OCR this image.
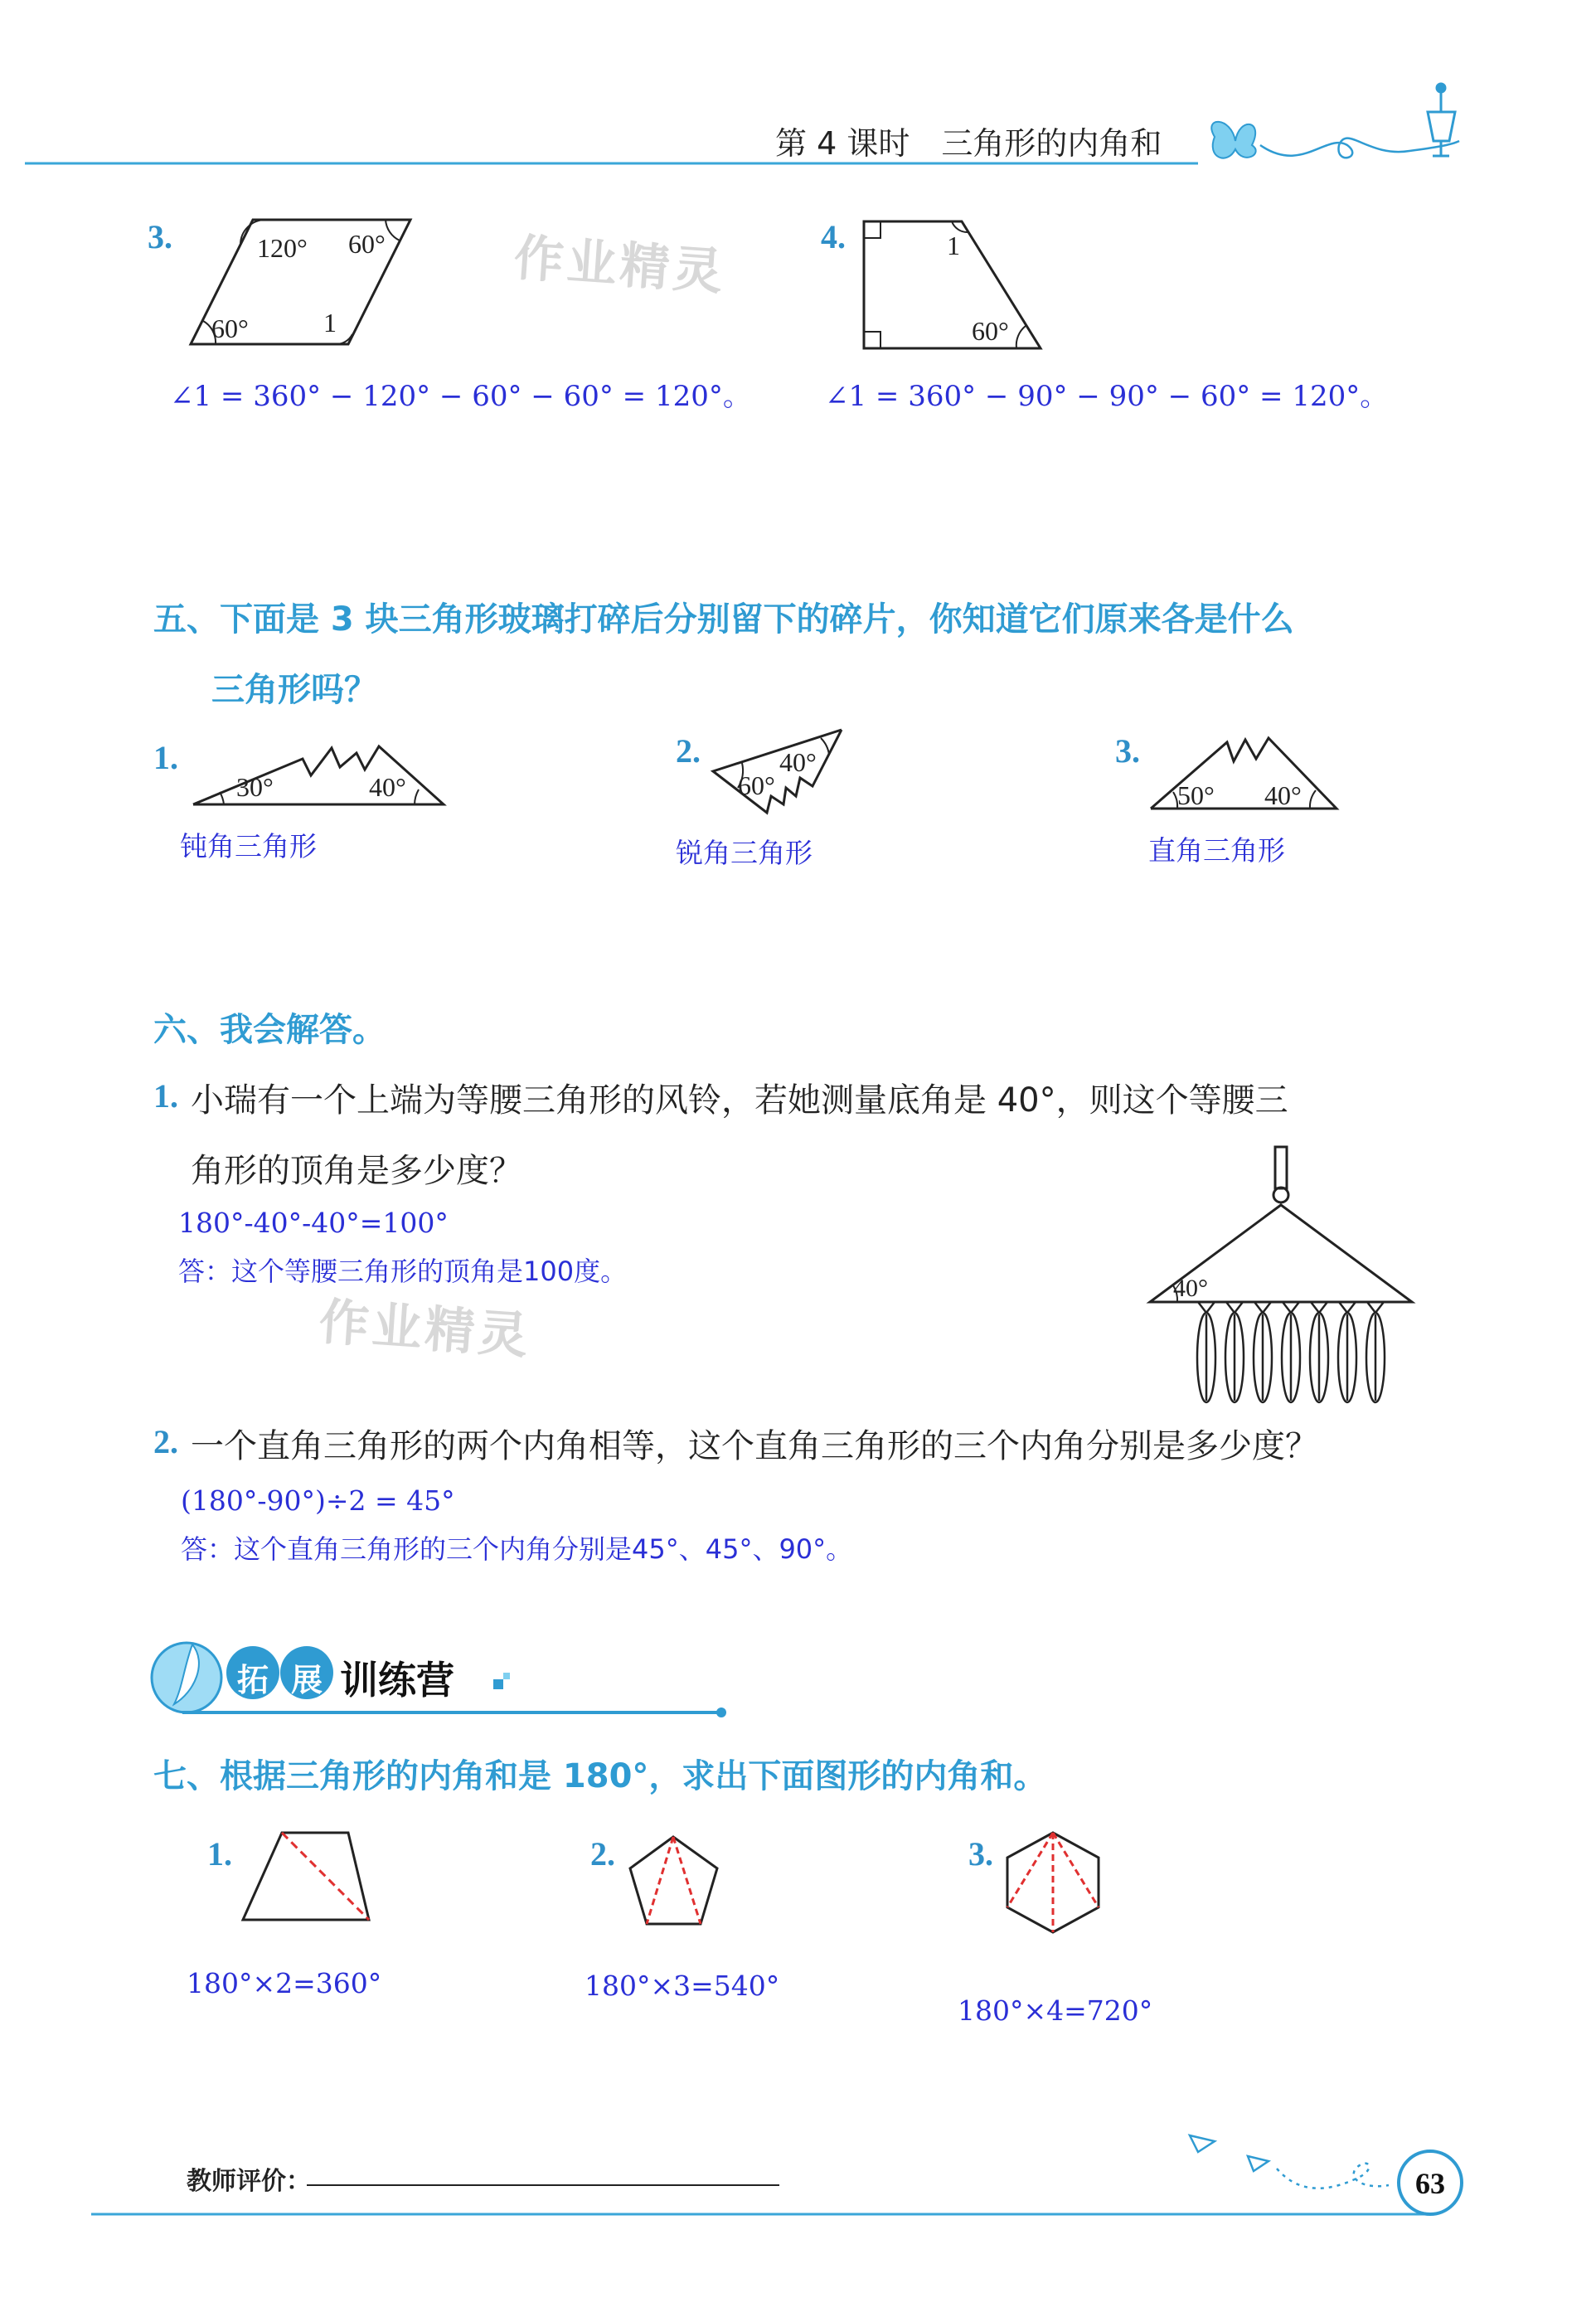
第 4 课时　三角形的内角和
3.	120° 60°
60°	1
作业精灵
∠1 = 360° − 120° − 60° − 60° = 120°。
4.	1
60°
∠1 = 360° − 90° − 90° − 60° = 120°。
五、下面是 3 块三角形玻璃打碎后分别留下的碎片，你知道它们原来各是什么
三角形吗？
1.
30°	40°
钝角三角形
2.
60°
40°
锐角三角形
3.
50° 40°
直角三角形
六、我会解答。
1. 小瑞有一个上端为等腰三角形的风铃，若她测量底角是 40°，则这个等腰三
角形的顶角是多少度？
180°-40°-40°=100°
答：这个等腰三角形的顶角是100度。
作业精灵
40°
2. 一个直角三角形的两个内角相等，这个直角三角形的三个内角分别是多少度？
(180°-90°)÷2 = 45°
答：这个直角三角形的三个内角分别是45°、45°、90°。
拓 展 训练营
七、根据三角形的内角和是 180°，求出下面图形的内角和。
1.
180°×2=360°
2.
180°×3=540°
3.
180°×4=720°
教师评价：	63
